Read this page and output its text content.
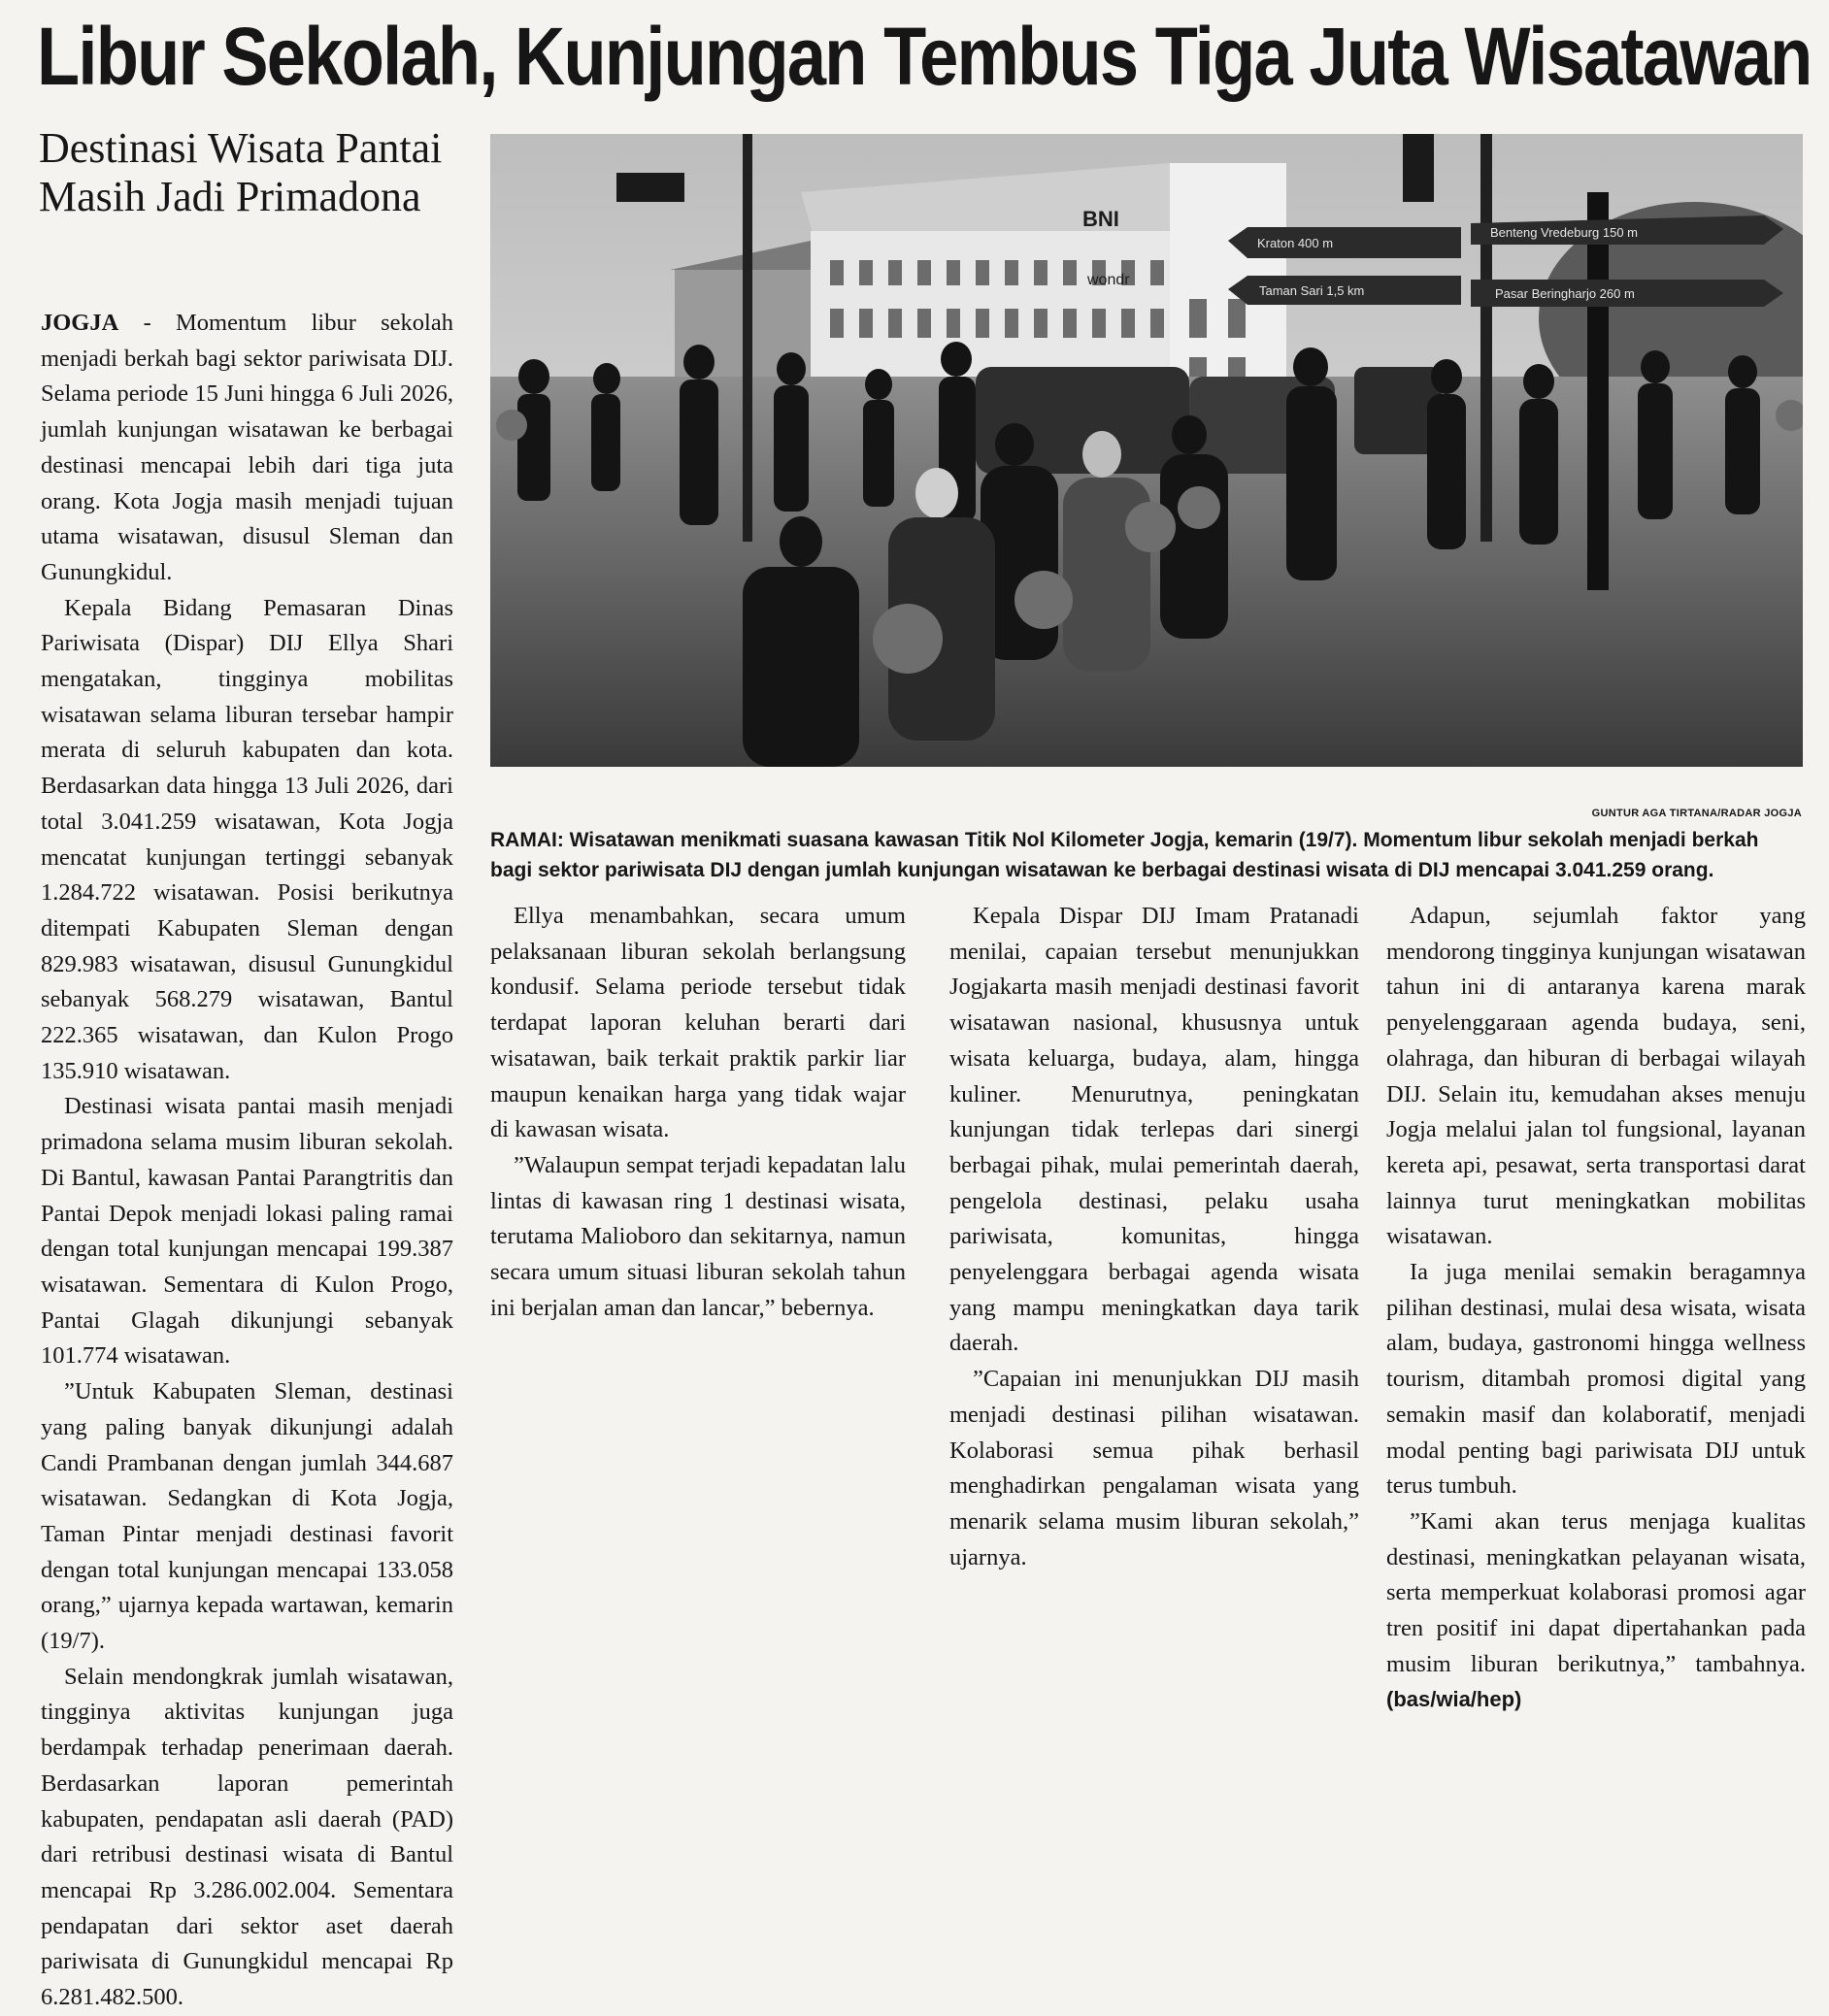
Libur Sekolah, Kunjungan Tembus Tiga Juta Wisatawan
Destinasi Wisata Pantai Masih Jadi Primadona	BNI
wondr
Kraton 400 m
Benteng Vredeburg 150 m
Taman Sari 1,5 km	Pasar Beringharjo 260 m
GUNTUR AGA TIRTANA/RADAR JOGJA

RAMAI: Wisatawan menikmati suasana kawasan Titik Nol Kilometer Jogja, kemarin (19/7). Momentum libur sekolah menjadi berkah bagi sektor pariwisata DIJ dengan jumlah kunjungan wisatawan ke berbagai destinasi wisata di DIJ mencapai 3.041.259 orang.

JOGJA - Momentum libur sekolah menjadi berkah bagi sektor pariwisata DIJ. Selama periode 15 Juni hingga 6 Juli 2026, jumlah kunjungan wisatawan ke berbagai destinasi mencapai lebih dari tiga juta orang. Kota Jogja masih menjadi tujuan utama wisatawan, disusul Sleman dan Gunungkidul.

Kepala Bidang Pemasaran Dinas Pariwisata (Dispar) DIJ Ellya Shari mengatakan, tingginya mobilitas wisatawan selama liburan tersebar hampir merata di seluruh kabupaten dan kota. Berdasarkan data hingga 13 Juli 2026, dari total 3.041.259 wisatawan, Kota Jogja mencatat kunjungan tertinggi sebanyak 1.284.722 wisatawan. Posisi berikutnya ditempati Kabupaten Sleman dengan 829.983 wisatawan, disusul Gunungkidul sebanyak 568.279 wisatawan, Bantul 222.365 wisatawan, dan Kulon Progo 135.910 wisatawan.

Destinasi wisata pantai masih menjadi primadona selama musim liburan sekolah. Di Bantul, kawasan Pantai Parangtritis dan Pantai Depok menjadi lokasi paling ramai dengan total kunjungan mencapai 199.387 wisatawan. Sementara di Kulon Progo, Pantai Glagah dikunjungi sebanyak 101.774 wisatawan.

”Untuk Kabupaten Sleman, destinasi yang paling banyak dikunjungi adalah Candi Prambanan dengan jumlah 344.687 wisatawan. Sedangkan di Kota Jogja, Taman Pintar menjadi destinasi favorit dengan total kunjungan mencapai 133.058 orang,” ujarnya kepada wartawan, kemarin (19/7).

Selain mendongkrak jumlah wisatawan, tingginya aktivitas kunjungan juga berdampak terhadap penerimaan daerah. Berdasarkan laporan pemerintah kabupaten, pendapatan asli daerah (PAD) dari retribusi destinasi wisata di Bantul mencapai Rp 3.286.002.004. Sementara pendapatan dari sektor aset daerah pariwisata di Gunungkidul mencapai Rp 6.281.482.500.

Ellya menambahkan, secara umum pelaksanaan liburan sekolah berlangsung kondusif. Selama periode tersebut tidak terdapat laporan keluhan berarti dari wisatawan, baik terkait praktik parkir liar maupun kenaikan harga yang tidak wajar di kawasan wisata.

”Walaupun sempat terjadi kepadatan lalu lintas di kawasan ring 1 destinasi wisata, terutama Malioboro dan sekitarnya, namun secara umum situasi liburan sekolah tahun ini berjalan aman dan lancar,” bebernya.

Kepala Dispar DIJ Imam Pratanadi menilai, capaian tersebut menunjukkan Jogjakarta masih menjadi destinasi favorit wisatawan nasional, khususnya untuk wisata keluarga, budaya, alam, hingga kuliner. Menurutnya, peningkatan kunjungan tidak terlepas dari sinergi berbagai pihak, mulai pemerintah daerah, pengelola destinasi, pelaku usaha pariwisata, komunitas, hingga penyelenggara berbagai agenda wisata yang mampu meningkatkan daya tarik daerah.

”Capaian ini menunjukkan DIJ masih menjadi destinasi pilihan wisatawan. Kolaborasi semua pihak berhasil menghadirkan pengalaman wisata yang menarik selama musim liburan sekolah,” ujarnya.

Adapun, sejumlah faktor yang mendorong tingginya kunjungan wisatawan tahun ini di antaranya karena marak penyelenggaraan agenda budaya, seni, olahraga, dan hiburan di berbagai wilayah DIJ. Selain itu, kemudahan akses menuju Jogja melalui jalan tol fungsional, layanan kereta api, pesawat, serta transportasi darat lainnya turut meningkatkan mobilitas wisatawan.

Ia juga menilai semakin beragamnya pilihan destinasi, mulai desa wisata, wisata alam, budaya, gastronomi hingga wellness tourism, ditambah promosi digital yang semakin masif dan kolaboratif, menjadi modal penting bagi pariwisata DIJ untuk terus tumbuh.

”Kami akan terus menjaga kualitas destinasi, meningkatkan pelayanan wisata, serta memperkuat kolaborasi promosi agar tren positif ini dapat dipertahankan pada musim liburan berikutnya,” tambahnya. (bas/wia/hep)
